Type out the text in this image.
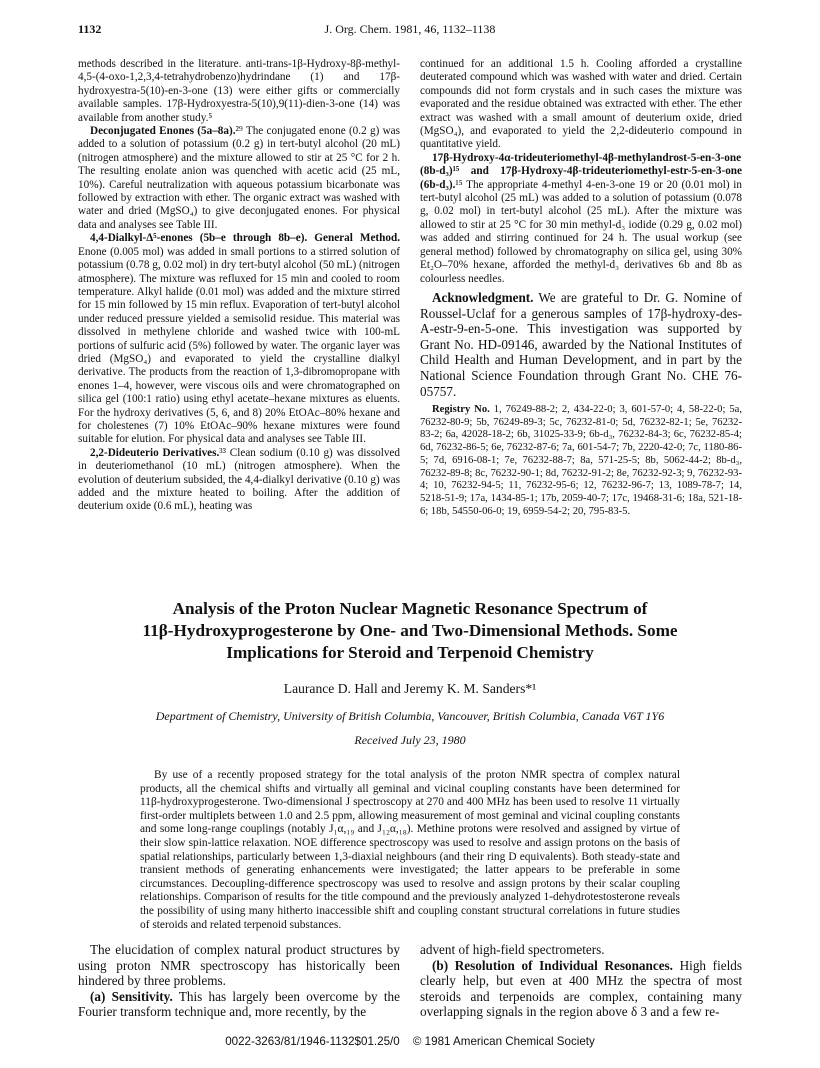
1132	J. Org. Chem. 1981, 46, 1132–1138

methods described in the literature. anti-trans-1β-Hydroxy-8β-methyl-4,5-(4-oxo-1,2,3,4-tetrahydrobenzo)hydrindane (1) and 17β-hydroxyestra-5(10)-en-3-one (13) were either gifts or commercially available samples. 17β-Hydroxyestra-5(10),9(11)-dien-3-one (14) was available from another study.⁵

Deconjugated Enones (5a–8a).²⁹ The conjugated enone (0.2 g) was added to a solution of potassium (0.2 g) in tert-butyl alcohol (20 mL) (nitrogen atmosphere) and the mixture allowed to stir at 25 °C for 2 h. The resulting enolate anion was quenched with acetic acid (25 mL, 10%). Careful neutralization with aqueous potassium bicarbonate was followed by extraction with ether. The organic extract was washed with water and dried (MgSO₄) to give deconjugated enones. For physical data and analyses see Table III.

4,4-Dialkyl-Δ⁵-enones (5b–e through 8b–e). General Method. Enone (0.005 mol) was added in small portions to a stirred solution of potassium (0.78 g, 0.02 mol) in dry tert-butyl alcohol (50 mL) (nitrogen atmosphere). The mixture was refluxed for 15 min and cooled to room temperature. Alkyl halide (0.01 mol) was added and the mixture stirred for 15 min followed by 15 min reflux. Evaporation of tert-butyl alcohol under reduced pressure yielded a semisolid residue. This material was dissolved in methylene chloride and washed twice with 100-mL portions of sulfuric acid (5%) followed by water. The organic layer was dried (MgSO₄) and evaporated to yield the crystalline dialkyl derivative. The products from the reaction of 1,3-dibromopropane with enones 1–4, however, were viscous oils and were chromatographed on silica gel (100:1 ratio) using ethyl acetate–hexane mixtures as eluents. For the hydroxy derivatives (5, 6, and 8) 20% EtOAc–80% hexane and for cholestenes (7) 10% EtOAc–90% hexane mixtures were found suitable for elution. For physical data and analyses see Table III.

2,2-Dideuterio Derivatives.³³ Clean sodium (0.10 g) was dissolved in deuteriomethanol (10 mL) (nitrogen atmosphere). When the evolution of deuterium subsided, the 4,4-dialkyl derivative (0.10 g) was added and the mixture heated to boiling. After the addition of deuterium oxide (0.6 mL), heating was

continued for an additional 1.5 h. Cooling afforded a crystalline deuterated compound which was washed with water and dried. Certain compounds did not form crystals and in such cases the mixture was evaporated and the residue obtained was extracted with ether. The ether extract was washed with a small amount of deuterium oxide, dried (MgSO₄), and evaporated to yield the 2,2-dideuterio compound in quantitative yield.

17β-Hydroxy-4α-trideuteriomethyl-4β-methylandrost-5-en-3-one (8b-d₃)¹⁵ and 17β-Hydroxy-4β-trideuteriomethyl-estr-5-en-3-one (6b-d₃).¹⁵ The appropriate 4-methyl 4-en-3-one 19 or 20 (0.01 mol) in tert-butyl alcohol (25 mL) was added to a solution of potassium (0.078 g, 0.02 mol) in tert-butyl alcohol (25 mL). After the mixture was allowed to stir at 25 °C for 30 min methyl-d₃ iodide (0.29 g, 0.02 mol) was added and stirring continued for 24 h. The usual workup (see general method) followed by chromatography on silica gel, using 30% Et₂O–70% hexane, afforded the methyl-d₃ derivatives 6b and 8b as colourless needles.

Acknowledgment. We are grateful to Dr. G. Nomine of Roussel-Uclaf for a generous samples of 17β-hydroxy-des-A-estr-9-en-5-one. This investigation was supported by Grant No. HD-09146, awarded by the National Institutes of Child Health and Human Development, and in part by the National Science Foundation through Grant No. CHE 76-05757.
Registry No. 1, 76249-88-2; 2, 434-22-0; 3, 601-57-0; 4, 58-22-0; 5a, 76232-80-9; 5b, 76249-89-3; 5c, 76232-81-0; 5d, 76232-82-1; 5e, 76232-83-2; 6a, 42028-18-2; 6b, 31025-33-9; 6b-d₃, 76232-84-3; 6c, 76232-85-4; 6d, 76232-86-5; 6e, 76232-87-6; 7a, 601-54-7; 7b, 2220-42-0; 7c, 1180-86-5; 7d, 6916-08-1; 7e, 76232-88-7; 8a, 571-25-5; 8b, 5062-44-2; 8b-d₃, 76232-89-8; 8c, 76232-90-1; 8d, 76232-91-2; 8e, 76232-92-3; 9, 76232-93-4; 10, 76232-94-5; 11, 76232-95-6; 12, 76232-96-7; 13, 1089-78-7; 14, 5218-51-9; 17a, 1434-85-1; 17b, 2059-40-7; 17c, 19468-31-6; 18a, 521-18-6; 18b, 54550-06-0; 19, 6959-54-2; 20, 795-83-5.
Analysis of the Proton Nuclear Magnetic Resonance Spectrum of
11β-Hydroxyprogesterone by One- and Two-Dimensional Methods. Some
Implications for Steroid and Terpenoid Chemistry
Laurance D. Hall and Jeremy K. M. Sanders*¹
Department of Chemistry, University of British Columbia, Vancouver, British Columbia, Canada V6T 1Y6
Received July 23, 1980

By use of a recently proposed strategy for the total analysis of the proton NMR spectra of complex natural products, all the chemical shifts and virtually all geminal and vicinal coupling constants have been determined for 11β-hydroxyprogesterone. Two-dimensional J spectroscopy at 270 and 400 MHz has been used to resolve 11 virtually first-order multiplets between 1.0 and 2.5 ppm, allowing measurement of most geminal and vicinal coupling constants and some long-range couplings (notably J₁α,₁₉ and J₁₂α,₁₈). Methine protons were resolved and assigned by virtue of their slow spin-lattice relaxation. NOE difference spectroscopy was used to resolve and assign protons on the basis of spatial relationships, particularly between 1,3-diaxial neighbours (and their ring D equivalents). Both steady-state and transient methods of generating enhancements were investigated; the latter appears to be preferable in some circumstances. Decoupling-difference spectroscopy was used to resolve and assign protons by their scalar coupling relationships. Comparison of results for the title compound and the previously analyzed 1-dehydrotestosterone reveals the possibility of using many hitherto inaccessible shift and coupling constant structural correlations in future studies of steroids and related terpenoid substances.

The elucidation of complex natural product structures by using proton NMR spectroscopy has historically been hindered by three problems.

(a) Sensitivity. This has largely been overcome by the Fourier transform technique and, more recently, by the

advent of high-field spectrometers.

(b) Resolution of Individual Resonances. High fields clearly help, but even at 400 MHz the spectra of most steroids and terpenoids are complex, containing many overlapping signals in the region above δ 3 and a few re-

0022-3263/81/1946-1132$01.25/0 © 1981 American Chemical Society
